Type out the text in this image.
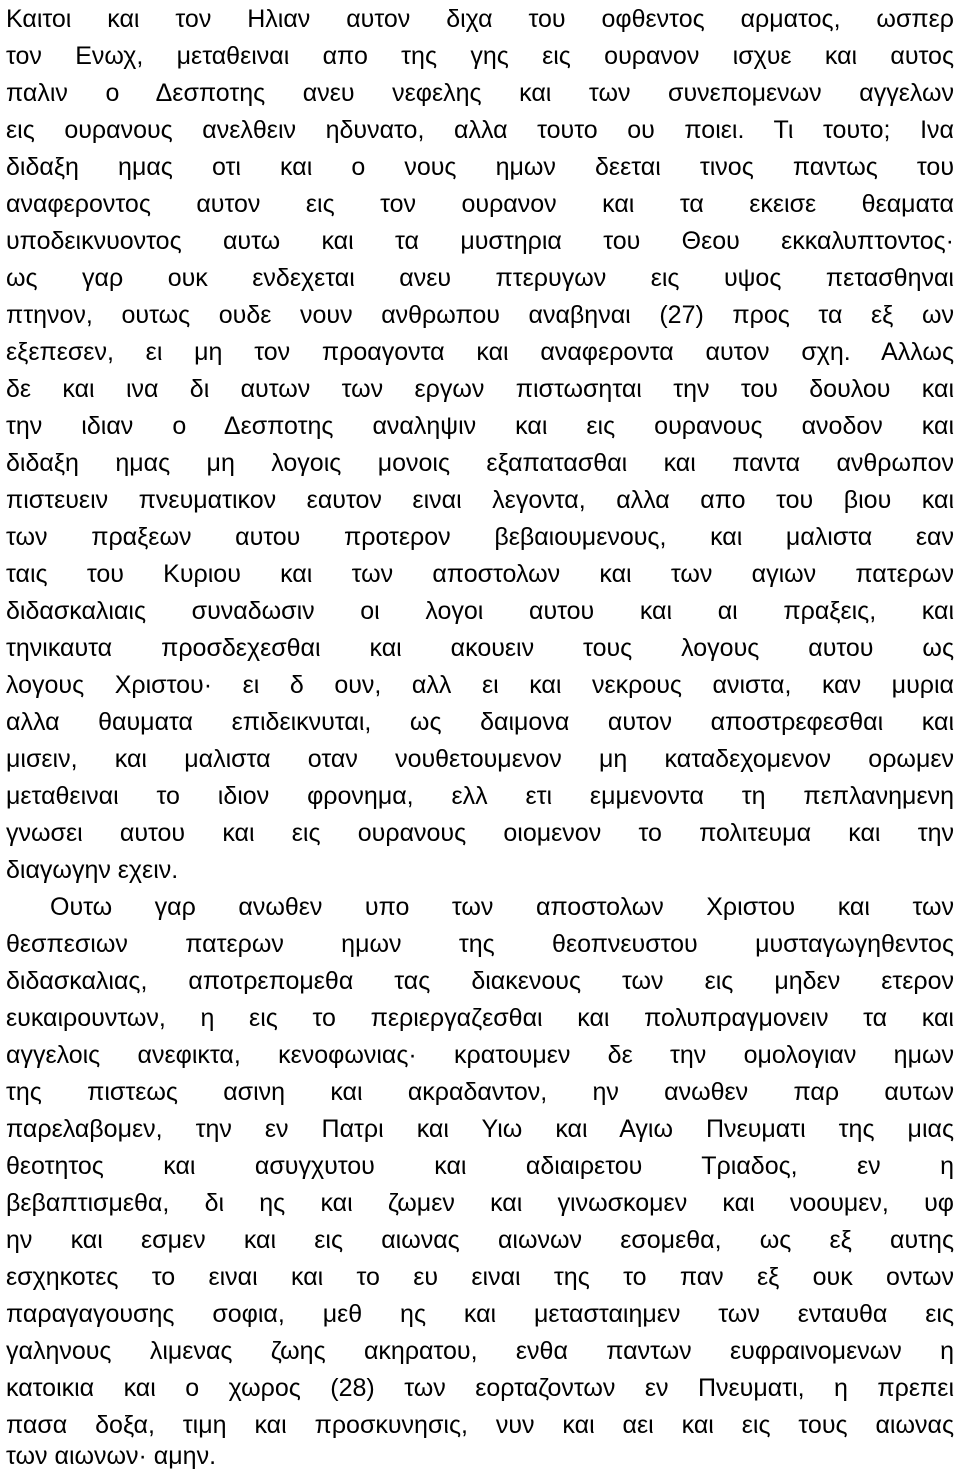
Καιτοι και τον Ηλιαν αυτον διχα του οφθεντος αρματος, ωσπερ
τον Ενωχ, μεταθειναι απο της γης εις ουρανον ισχυε και αυτος
παλιν ο Δεσποτης ανευ νεφελης και των συνεπομενων αγγελων
εις ουρανους ανελθειν ηδυνατο, αλλα τουτο ου ποιει. Τι τουτο; Ινα
διδαξη ημας οτι και ο νους ημων δεεται τινος παντως του
αναφεροντος αυτον εις τον ουρανον και τα εκεισε θεαματα
υποδεικνυοντος αυτω και τα μυστηρια του Θεου εκκαλυπτοντος·
ως γαρ ουκ ενδεχεται ανευ πτερυγων εις υψος πετασθηναι
πτηνον, ουτως ουδε νουν ανθρωπου αναβηναι (27) προς τα εξ ων
εξεπεσεν, ει μη τον προαγοντα και αναφεροντα αυτον σχη. Αλλως
δε και ινα δι αυτων των εργων πιστωσηται την του δουλου και
την ιδιαν ο Δεσποτης αναληψιν και εις ουρανους ανοδον και
διδαξη ημας μη λογοις μονοις εξαπατασθαι και παντα ανθρωπον
πιστευειν πνευματικον εαυτον ειναι λεγοντα, αλλα απο του βιου και
των πραξεων αυτου προτερον βεβαιουμενους, και μαλιστα εαν
ταις του Κυριου και των αποστολων και των αγιων πατερων
διδασκαλιαις συναδωσιν οι λογοι αυτου και αι πραξεις, και
τηνικαυτα προσδεχεσθαι και ακουειν τους λογους αυτου ως
λογους Χριστου· ει δ ουν, αλλ ει και νεκρους ανιστα, καν μυρια
αλλα θαυματα επιδεικνυται, ως δαιμονα αυτον αποστρεφεσθαι και
μισειν, και μαλιστα οταν νουθετουμενον μη καταδεχομενον ορωμεν
μεταθειναι το ιδιον φρονημα, ελλ ετι εμμενοντα τη πεπλανημενη
γνωσει αυτου και εις ουρανους οιομενον το πολιτευμα και την
διαγωγην εχειν.
Ουτω γαρ ανωθεν υπο των αποστολων Χριστου και των
θεσπεσιων πατερων ημων της θεοπνευστου μυσταγωγηθεντος
διδασκαλιας, αποτρεπομεθα τας διακενους των εις μηδεν ετερον
ευκαιρουντων, η εις το περιεργαζεσθαι και πολυπραγμονειν τα και
αγγελοις ανεφικτα, κενοφωνιας· κρατουμεν δε την ομολογιαν ημων
της πιστεως ασινη και ακραδαντον, ην ανωθεν παρ αυτων
παρελαβομεν, την εν Πατρι και Υιω και Αγιω Πνευματι της μιας
θεοτητος και ασυγχυτου και αδιαιρετου Τριαδος, εν η
βεβαπτισμεθα, δι ης και ζωμεν και γινωσκομεν και νοουμεν, υφ
ην και εσμεν και εις αιωνας αιωνων εσομεθα, ως εξ αυτης
εσχηκοτες το ειναι και το ευ ειναι της το παν εξ ουκ οντων
παραγαγουσης σοφια, μεθ ης και μετασταιημεν των ενταυθα εις
γαληνους λιμενας ζωης ακηρατου, ενθα παντων ευφραινομενων η
κατοικια και ο χωρος (28) των εορταζοντων εν Πνευματι, η πρεπει
πασα δοξα, τιμη και προσκυνησις, νυν και αει και εις τους αιωνας
των αιωνων· αμην.
